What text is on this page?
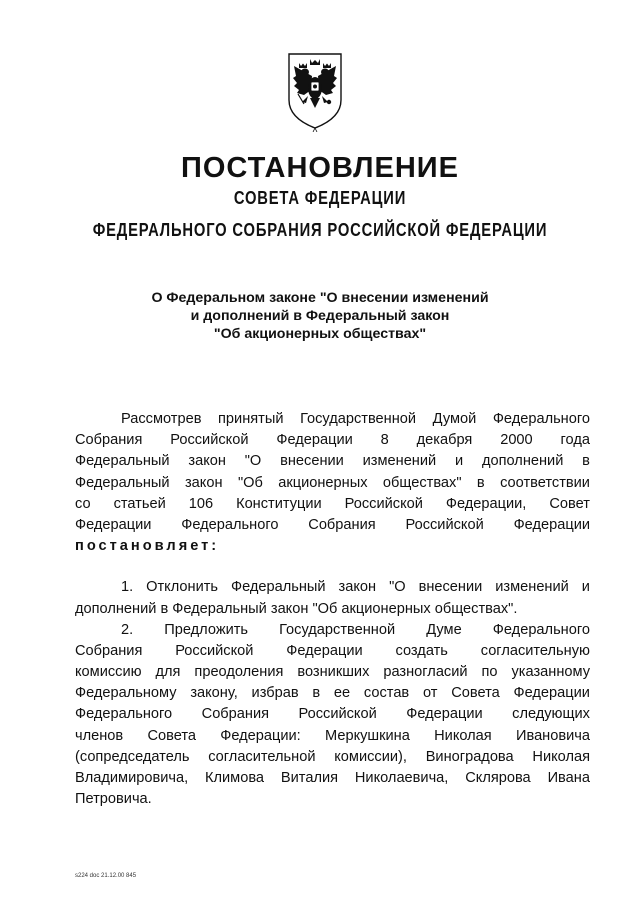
ПОСТАНОВЛЕНИЕ
СОВЕТА ФЕДЕРАЦИИ
ФЕДЕРАЛЬНОГО СОБРАНИЯ РОССИЙСКОЙ ФЕДЕРАЦИИ
О Федеральном законе "О внесении изменений
и дополнений в Федеральный закон
"Об акционерных обществах"
Рассмотрев принятый Государственной Думой Федерального
Собрания Российской Федерации 8 декабря 2000 года
Федеральный закон "О внесении изменений и дополнений в
Федеральный закон "Об акционерных обществах" в соответствии
со статьей 106 Конституции Российской Федерации, Совет
Федерации Федерального Собрания Российской Федерации
постановляет:
1. Отклонить Федеральный закон "О внесении изменений и
дополнений в Федеральный закон "Об акционерных обществах".
2. Предложить Государственной Думе Федерального
Собрания Российской Федерации создать согласительную
комиссию для преодоления возникших разногласий по указанному
Федеральному закону, избрав в ее состав от Совета Федерации
Федерального Собрания Российской Федерации следующих
членов Совета Федерации: Меркушкина Николая Ивановича
(сопредседатель согласительной комиссии), Виноградова Николая
Владимировича, Климова Виталия Николаевича, Склярова Ивана
Петровича.
s224 doc 21.12.00 845
